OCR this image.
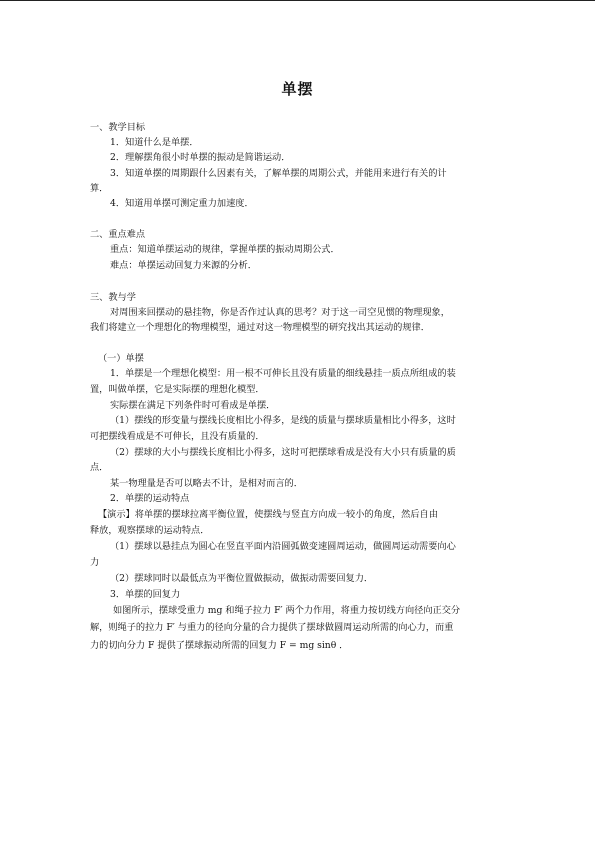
单摆
一、教学目标
1．知道什么是单摆．
2．理解摆角很小时单摆的振动是简谐运动．
3．知道单摆的周期跟什么因素有关，了解单摆的周期公式，并能用来进行有关的计
算．
4．知道用单摆可测定重力加速度．
二、重点难点
重点：知道单摆运动的规律，掌握单摆的振动周期公式．
难点：单摆运动回复力来源的分析．
三、教与学
对周围来回摆动的悬挂物，你是否作过认真的思考？对于这一司空见惯的物理现象，
我们将建立一个理想化的物理模型，通过对这一物理模型的研究找出其运动的规律．
（一）单摆
1．单摆是一个理想化模型：用一根不可伸长且没有质量的细线悬挂一质点所组成的装
置，叫做单摆，它是实际摆的理想化模型．
实际摆在满足下列条件时可看成是单摆．
（1）摆线的形变量与摆线长度相比小得多，是线的质量与摆球质量相比小得多，这时
可把摆线看成是不可伸长，且没有质量的．
（2）摆球的大小与摆线长度相比小得多，这时可把摆球看成是没有大小只有质量的质
点．
某一物理量是否可以略去不计，是相对而言的．
2．单摆的运动特点
【演示】将单摆的摆球拉离平衡位置，使摆线与竖直方向成一较小的角度，然后自由
释放，观察摆球的运动特点．
（1）摆球以悬挂点为圆心在竖直平面内沿圆弧做变速圆周运动，做圆周运动需要向心
力
（2）摆球同时以最低点为平衡位置做振动，做振动需要回复力．
3．单摆的回复力
如图所示，摆球受重力 mg 和绳子拉力 F′ 两个力作用，将重力按切线方向径向正交分
解，则绳子的拉力 F′ 与重力的径向分量的合力提供了摆球做圆周运动所需的向心力，而重
力的切向分力 F 提供了摆球振动所需的回复力 F = mg sinθ ．
